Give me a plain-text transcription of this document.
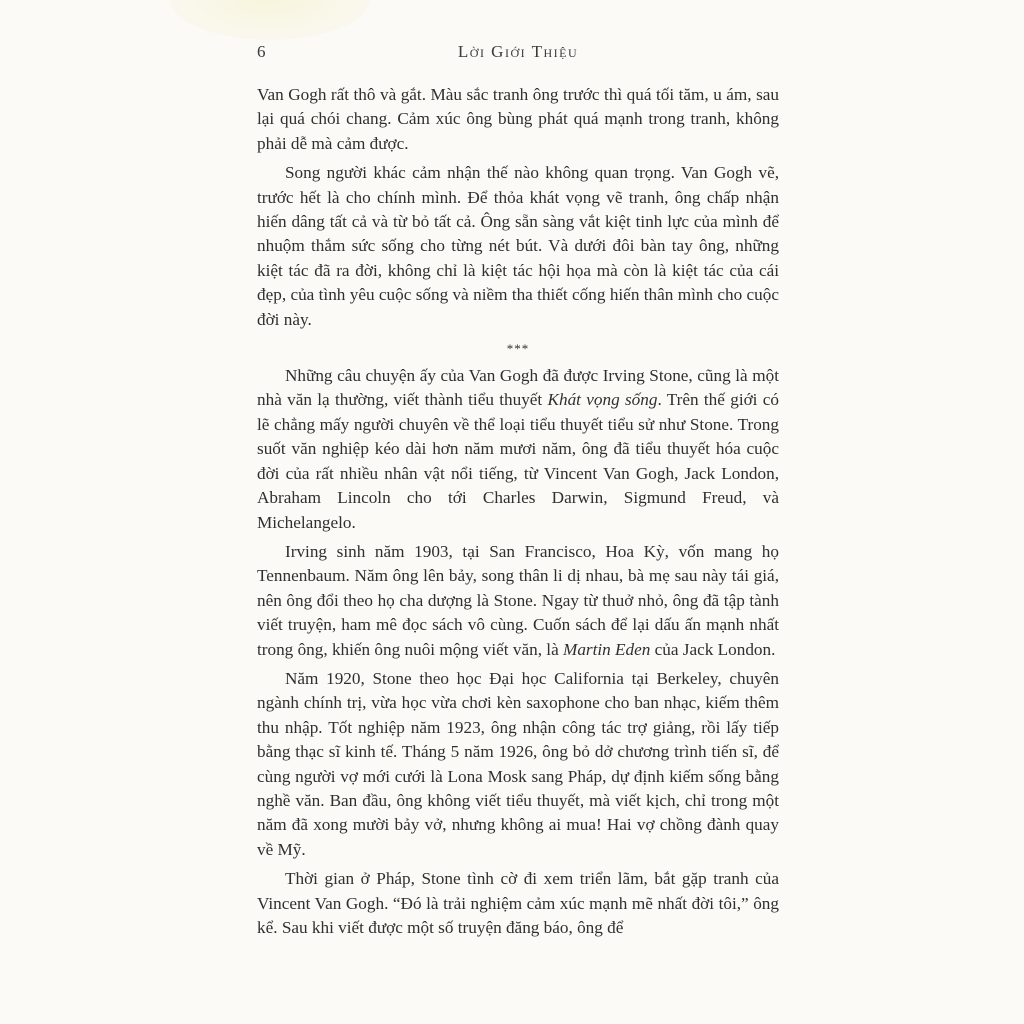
6	Lời Giới Thiệu

Van Gogh rất thô và gắt. Màu sắc tranh ông trước thì quá tối tăm, u ám, sau lại quá chói chang. Cảm xúc ông bùng phát quá mạnh trong tranh, không phải dễ mà cảm được.

Song người khác cảm nhận thế nào không quan trọng. Van Gogh vẽ, trước hết là cho chính mình. Để thỏa khát vọng vẽ tranh, ông chấp nhận hiến dâng tất cả và từ bỏ tất cả. Ông sẵn sàng vắt kiệt tinh lực của mình để nhuộm thắm sức sống cho từng nét bút. Và dưới đôi bàn tay ông, những kiệt tác đã ra đời, không chỉ là kiệt tác hội họa mà còn là kiệt tác của cái đẹp, của tình yêu cuộc sống và niềm tha thiết cống hiến thân mình cho cuộc đời này.

***

Những câu chuyện ấy của Van Gogh đã được Irving Stone, cũng là một nhà văn lạ thường, viết thành tiểu thuyết Khát vọng sống. Trên thế giới có lẽ chẳng mấy người chuyên về thể loại tiểu thuyết tiểu sử như Stone. Trong suốt văn nghiệp kéo dài hơn năm mươi năm, ông đã tiểu thuyết hóa cuộc đời của rất nhiều nhân vật nổi tiếng, từ Vincent Van Gogh, Jack London, Abraham Lincoln cho tới Charles Darwin, Sigmund Freud, và Michelangelo.

Irving sinh năm 1903, tại San Francisco, Hoa Kỳ, vốn mang họ Tennenbaum. Năm ông lên bảy, song thân li dị nhau, bà mẹ sau này tái giá, nên ông đổi theo họ cha dượng là Stone. Ngay từ thuở nhỏ, ông đã tập tành viết truyện, ham mê đọc sách vô cùng. Cuốn sách để lại dấu ấn mạnh nhất trong ông, khiến ông nuôi mộng viết văn, là Martin Eden của Jack London.

Năm 1920, Stone theo học Đại học California tại Berkeley, chuyên ngành chính trị, vừa học vừa chơi kèn saxophone cho ban nhạc, kiếm thêm thu nhập. Tốt nghiệp năm 1923, ông nhận công tác trợ giảng, rồi lấy tiếp bằng thạc sĩ kinh tế. Tháng 5 năm 1926, ông bỏ dở chương trình tiến sĩ, để cùng người vợ mới cưới là Lona Mosk sang Pháp, dự định kiếm sống bằng nghề văn. Ban đầu, ông không viết tiểu thuyết, mà viết kịch, chỉ trong một năm đã xong mười bảy vở, nhưng không ai mua! Hai vợ chồng đành quay về Mỹ.

Thời gian ở Pháp, Stone tình cờ đi xem triển lãm, bắt gặp tranh của Vincent Van Gogh. “Đó là trải nghiệm cảm xúc mạnh mẽ nhất đời tôi,” ông kể. Sau khi viết được một số truyện đăng báo, ông để
